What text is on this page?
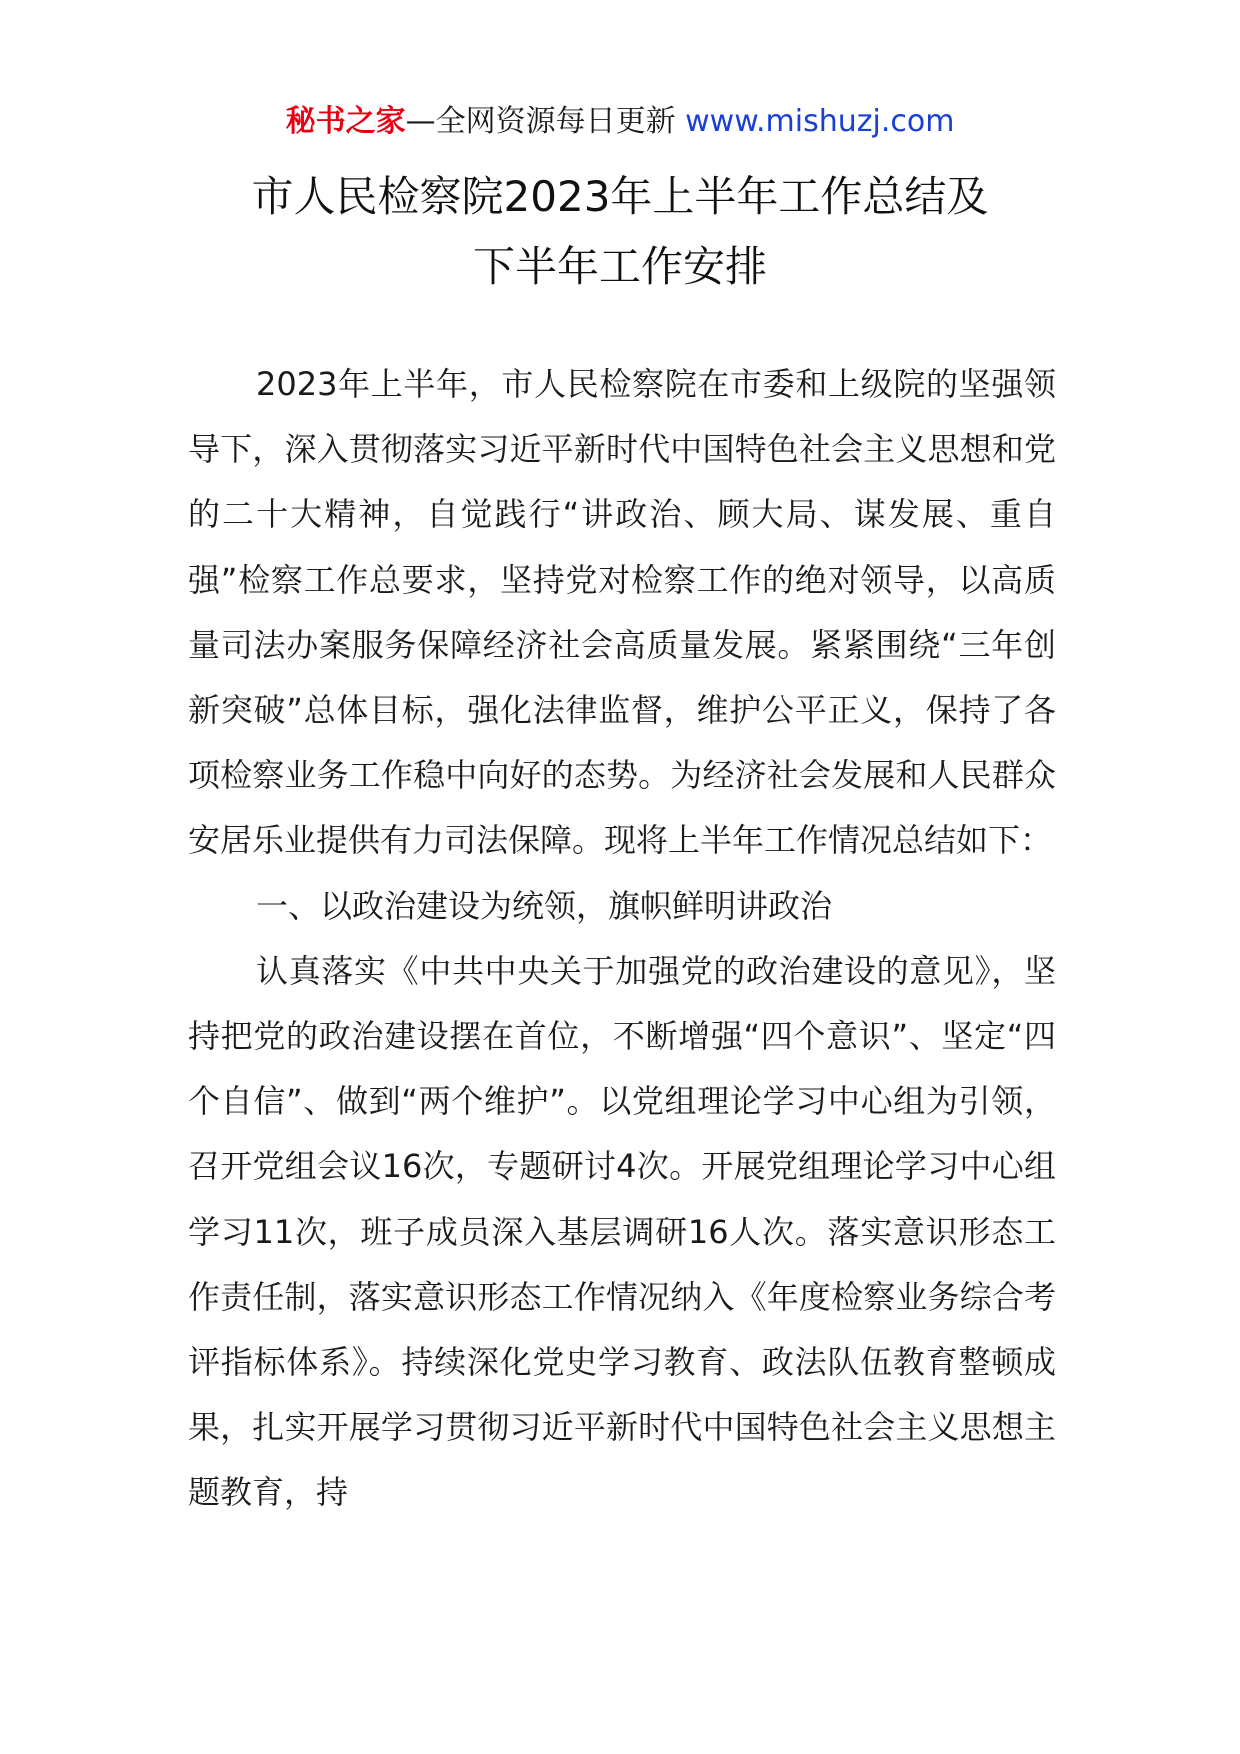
秘书之家—全网资源每日更新 www.mishuzj.com
市人民检察院2023年上半年工作总结及
下半年工作安排

2023年上半年，市人民检察院在市委和上级院的坚强领导下，深入贯彻落实习近平新时代中国特色社会主义思想和党的二十大精神，自觉践行“讲政治、顾大局、谋发展、重自强”检察工作总要求，坚持党对检察工作的绝对领导，以高质量司法办案服务保障经济社会高质量发展。紧紧围绕“三年创新突破”总体目标，强化法律监督，维护公平正义，保持了各项检察业务工作稳中向好的态势。为经济社会发展和人民群众安居乐业提供有力司法保障。现将上半年工作情况总结如下：

一、以政治建设为统领，旗帜鲜明讲政治

认真落实《中共中央关于加强党的政治建设的意见》，坚持把党的政治建设摆在首位，不断增强“四个意识”、坚定“四个自信”、做到“两个维护”。以党组理论学习中心组为引领，召开党组会议16次，专题研讨4次。开展党组理论学习中心组学习11次，班子成员深入基层调研16人次。落实意识形态工作责任制，落实意识形态工作情况纳入《年度检察业务综合考评指标体系》。持续深化党史学习教育、政法队伍教育整顿成果，扎实开展学习贯彻习近平新时代中国特色社会主义思想主题教育，持
